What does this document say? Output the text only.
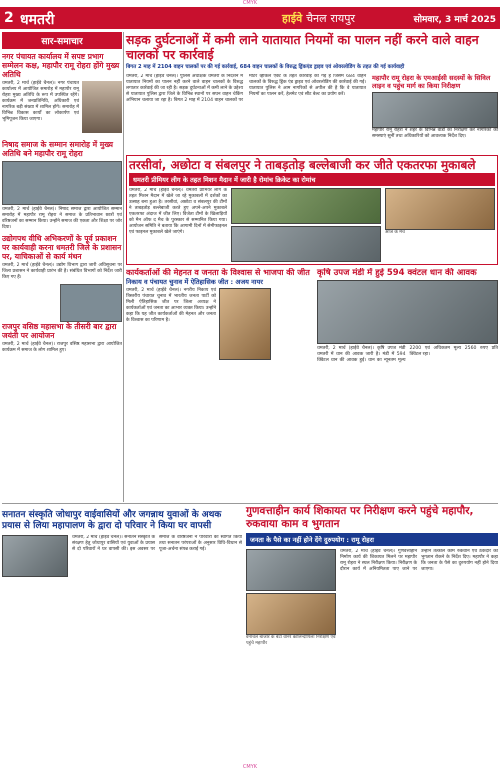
CMYK
2 धमतरी	हाईवे चैनल रायपुर	सोमवार, 3 मार्च 2025
सार-समाचार
नगर पंचायत कार्यालय में सपष्ट प्रभाग सम्मेलन कक्ष, महापौर रामू रोहरा होंगे मुख्य अतिथि
धमतरी, 2 मार्च (हाईवे चैनल)। नगर पंचायत कार्यालय में आयोजित समारोह में महापौर रामू रोहरा मुख्य अतिथि के रूप में उपस्थित रहेंगे। कार्यक्रम में जनप्रतिनिधि, अधिकारी एवं नागरिक बड़ी संख्या में शामिल होंगे। समारोह में विभिन्न विकास कार्यों का लोकार्पण एवं भूमिपूजन किया जाएगा।
निषाद समाज के सम्मान समारोह में मुख्य अतिथि बने महापौर रामू रोहरा
धमतरी, 2 मार्च (हाईवे चैनल)। निषाद समाज द्वारा आयोजित सम्मान समारोह में महापौर रामू रोहरा ने समाज के प्रतिभावान छात्रों एवं वरिष्ठजनों का सम्मान किया। उन्होंने समाज की एकता और शिक्षा पर जोर दिया।
उद्योगपथ वीथि अभिकरणों के पूर्व प्रकाशन पर कार्यवाही करना धमतरी जिले के प्रशासन पर, याचिकाओं से कार्य मंथन
धमतरी, 2 मार्च (हाईवे चैनल)। उद्योग विभाग द्वारा जारी अधिसूचना पर जिला प्रशासन ने कार्यवाही प्रारंभ की है। संबंधित विभागों को निर्देश जारी किए गए हैं।
राजपुर वसिष्ठ महासभा के तीसरी बार द्वारा जयंती पर आयोजन
धमतरी, 2 मार्च (हाईवे चैनल)। राजपुर वसिष्ठ महासभा द्वारा आयोजित कार्यक्रम में समाज के लोग शामिल हुए।
सड़क दुर्घटनाओं में कमी लाने यातायात नियमों का पालन नहीं करने वाले वाहन चालकों पर कार्रवाई
बिगत 2 माह में 2104 वाहन चालकों पर की गई कार्रवाई, 684 वाहन चालकों के विरुद्ध ड्रिंकएंड ड्राइव एवं ओवरलोडिंग के तहत की गई कार्यवाही
धमतरी, 2 मार्च (हाईवे चैनल)। पुलिस अधीक्षक धमतरी के निर्देशन में यातायात नियमों का पालन नहीं करने वाले वाहन चालकों के विरुद्ध लगातार कार्रवाई की जा रही है। सड़क दुर्घटनाओं में कमी लाने के उद्देश्य से यातायात पुलिस द्वारा जिले के विभिन्न स्थानों पर सघन वाहन चेकिंग अभियान चलाया जा रहा है। बिगत 2 माह में 2104 वाहन चालकों पर मोटर व्हीकल एक्ट के तहत कार्रवाई की गई है जिसमें 684 वाहन चालकों के विरुद्ध ड्रिंक एंड ड्राइव एवं ओवरलोडिंग की कार्रवाई की गई। यातायात पुलिस ने आम नागरिकों से अपील की है कि वे यातायात नियमों का पालन करें, हेलमेट एवं सीट बेल्ट का प्रयोग करें।
महापौर रामू रोहरा के एमआईसी सदस्यों के सिविल लाइन व पहुंच मार्ग का किया निरीक्षण
महापौर रामू रोहरा ने शहर के विभिन्न वार्डों का निरीक्षण कर नागरिकों की समस्याएं सुनीं तथा अधिकारियों को आवश्यक निर्देश दिए।
तरसीवां, अछोटा व संबलपुर ने ताबड़तोड़ बल्लेबाजी कर जीते एकतरफा मुकाबले
धमतरी प्रीमियर लीग के तहत मिशन मैदान में जारी है रोमांच क्रिकेट का रोमांच
धमतरी, 2 मार्च (हाईवे चैनल)। धमतरी प्रीमियर लीग के तहत मिशन मैदान में खेले जा रहे मुकाबलों में दर्शकों का उत्साह बना हुआ है। तरसीवां, अछोटा व संबलपुर की टीमों ने ताबड़तोड़ बल्लेबाजी करते हुए अपने-अपने मुकाबले एकतरफा अंदाज में जीत लिए। विजेता टीमों के खिलाड़ियों को मैन ऑफ द मैच के पुरस्कार से सम्मानित किया गया। आयोजन समिति ने बताया कि आगामी दिनों में सेमीफाइनल एवं फाइनल मुकाबले खेले जाएंगे।	आज के मैच
कार्यकर्ताओं की मेहनत व जनता के विश्वास से भाजपा की जीत
निकाय व पंचायत चुनाव में ऐतिहासिक जीत : अजय नायर
धमतरी, 2 मार्च (हाईवे चैनल)। नगरीय निकाय एवं त्रिस्तरीय पंचायत चुनाव में भारतीय जनता पार्टी को मिली ऐतिहासिक जीत पर जिला अध्यक्ष ने कार्यकर्ताओं एवं जनता का आभार व्यक्त किया। उन्होंने कहा कि यह जीत कार्यकर्ताओं की मेहनत और जनता के विश्वास का परिणाम है।
कृषि उपज मंडी में हुई 594 क्वंटल धान की आवक
धमतरी, 2 मार्च (हाईवे चैनल)। कृषि उपज मंडी धमतरी में धान की आवक जारी है। मंडी में 594 क्विंटल धान की आवक हुई। धान का न्यूनतम मूल्य 2200 एवं अधिकतम मूल्य 2560 रुपए प्रति क्विंटल रहा।
सनातन संस्कृति जोधापुर वाईवासियों और जगन्नाथ युवाओं के अथक प्रयास से लिया महापालण के द्वारा दो परिवार ने किया घर वापसी
धमतरी, 2 मार्च (हाईवे चैनल)। सनातन संस्कृति के संरक्षण हेतु जोधापुर वासियों एवं युवाओं के प्रयास से दो परिवारों ने घर वापसी की। इस अवसर पर समाज के वरिष्ठजनों ने परिवारों का स्वागत किया तथा सनातन परंपराओं के अनुसार विधि-विधान से पूजा-अर्चना संपन्न कराई गई।
गुणवत्ताहीन कार्य शिकायत पर निरीक्षण करने पहुंचे महापौर, रुकवाया काम व भुगतान
जनता के पैसे का नहीं होने देंगे दुरुपयोग : रामू रोहरा
वनाचल बाजार के बेटा वानरे कालिन्दीपिला निरीक्षण एवं पहुंचे महापौर
धमतरी, 2 मार्च (हाईवे चैनल)। गुणवत्ताहीन निर्माण कार्य की शिकायत मिलने पर महापौर रामू रोहरा ने स्थल निरीक्षण किया। निरीक्षण के दौरान कार्य में अनियमितता पाए जाने पर उन्होंने तत्काल काम रुकवाने एवं ठेकेदार का भुगतान रोकने के निर्देश दिए। महापौर ने कहा कि जनता के पैसे का दुरुपयोग नहीं होने दिया जाएगा।
CMYK
